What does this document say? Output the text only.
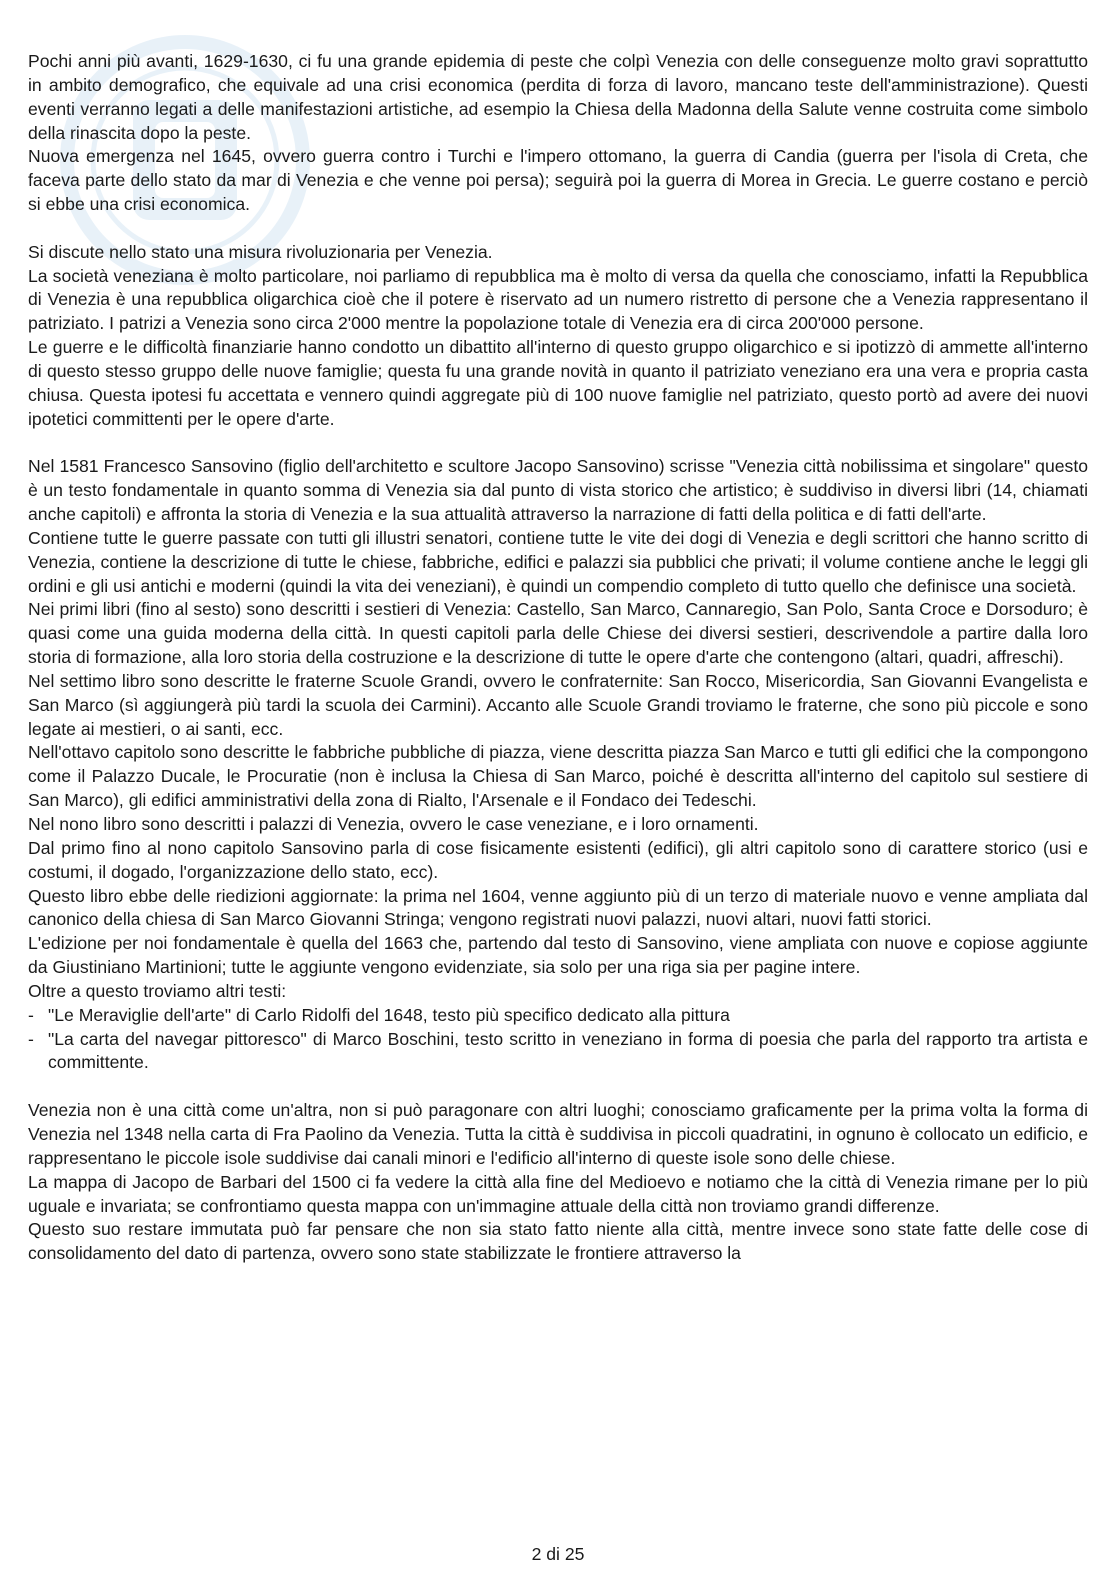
Pochi anni più avanti, 1629-1630, ci fu una grande epidemia di peste che colpì Venezia con delle conseguenze molto gravi soprattutto in ambito demografico, che equivale ad una crisi economica (perdita di forza di lavoro, mancano teste dell'amministrazione). Questi eventi verranno legati a delle manifestazioni artistiche, ad esempio la Chiesa della Madonna della Salute venne costruita come simbolo della rinascita dopo la peste.

Nuova emergenza nel 1645, ovvero guerra contro i Turchi e l'impero ottomano, la guerra di Candia (guerra per l'isola di Creta, che faceva parte dello stato da mar di Venezia e che venne poi persa); seguirà poi la guerra di Morea in Grecia. Le guerre costano e perciò si ebbe una crisi economica.

Si discute nello stato una misura rivoluzionaria per Venezia.

La società veneziana è molto particolare, noi parliamo di repubblica ma è molto di versa da quella che conosciamo, infatti la Repubblica di Venezia è una repubblica oligarchica cioè che il potere è riservato ad un numero ristretto di persone che a Venezia rappresentano il patriziato. I patrizi a Venezia sono circa 2'000 mentre la popolazione totale di Venezia era di circa 200'000 persone.

Le guerre e le difficoltà finanziarie hanno condotto un dibattito all'interno di questo gruppo oligarchico e si ipotizzò di ammette all'interno di questo stesso gruppo delle nuove famiglie; questa fu una grande novità in quanto il patriziato veneziano era una vera e propria casta chiusa. Questa ipotesi fu accettata e vennero quindi aggregate più di 100 nuove famiglie nel patriziato, questo portò ad avere dei nuovi ipotetici committenti per le opere d'arte.

Nel 1581 Francesco Sansovino (figlio dell'architetto e scultore Jacopo Sansovino) scrisse "Venezia città nobilissima et singolare" questo è un testo fondamentale in quanto somma di Venezia sia dal punto di vista storico che artistico; è suddiviso in diversi libri (14, chiamati anche capitoli) e affronta la storia di Venezia e la sua attualità attraverso la narrazione di fatti della politica e di fatti dell'arte.

Contiene tutte le guerre passate con tutti gli illustri senatori, contiene tutte le vite dei dogi di Venezia e degli scrittori che hanno scritto di Venezia, contiene la descrizione di tutte le chiese, fabbriche, edifici e palazzi sia pubblici che privati; il volume contiene anche le leggi gli ordini e gli usi antichi e moderni (quindi la vita dei veneziani), è quindi un compendio completo di tutto quello che definisce una società.

Nei primi libri (fino al sesto) sono descritti i sestieri di Venezia: Castello, San Marco, Cannaregio, San Polo, Santa Croce e Dorsoduro; è quasi come una guida moderna della città. In questi capitoli parla delle Chiese dei diversi sestieri, descrivendole a partire dalla loro storia di formazione, alla loro storia della costruzione e la descrizione di tutte le opere d'arte che contengono (altari, quadri, affreschi).

Nel settimo libro sono descritte le fraterne Scuole Grandi, ovvero le confraternite: San Rocco, Misericordia, San Giovanni Evangelista e San Marco (sì aggiungerà più tardi la scuola dei Carmini). Accanto alle Scuole Grandi troviamo le fraterne, che sono più piccole e sono legate ai mestieri, o ai santi, ecc.

Nell'ottavo capitolo sono descritte le fabbriche pubbliche di piazza, viene descritta piazza San Marco e tutti gli edifici che la compongono come il Palazzo Ducale, le Procuratie (non è inclusa la Chiesa di San Marco, poiché è descritta all'interno del capitolo sul sestiere di San Marco), gli edifici amministrativi della zona di Rialto, l'Arsenale e il Fondaco dei Tedeschi.

Nel nono libro sono descritti i palazzi di Venezia, ovvero le case veneziane, e i loro ornamenti.

Dal primo fino al nono capitolo Sansovino parla di cose fisicamente esistenti (edifici), gli altri capitolo sono di carattere storico (usi e costumi, il dogado, l'organizzazione dello stato, ecc).

Questo libro ebbe delle riedizioni aggiornate: la prima nel 1604, venne aggiunto più di un terzo di materiale nuovo e venne ampliata dal canonico della chiesa di San Marco Giovanni Stringa; vengono registrati nuovi palazzi, nuovi altari, nuovi fatti storici.

L'edizione per noi fondamentale è quella del 1663 che, partendo dal testo di Sansovino, viene ampliata con nuove e copiose aggiunte da Giustiniano Martinioni; tutte le aggiunte vengono evidenziate, sia solo per una riga sia per pagine intere.

Oltre a questo troviamo altri testi:

- "Le Meraviglie dell'arte" di Carlo Ridolfi del 1648, testo più specifico dedicato alla pittura
- "La carta del navegar pittoresco" di Marco Boschini, testo scritto in veneziano in forma di poesia che parla del rapporto tra artista e committente.

Venezia non è una città come un'altra, non si può paragonare con altri luoghi; conosciamo graficamente per la prima volta la forma di Venezia nel 1348 nella carta di Fra Paolino da Venezia. Tutta la città è suddivisa in piccoli quadratini, in ognuno è collocato un edificio, e rappresentano le piccole isole suddivise dai canali minori e l'edificio all'interno di queste isole sono delle chiese.

La mappa di Jacopo de Barbari del 1500 ci fa vedere la città alla fine del Medioevo e notiamo che la città di Venezia rimane per lo più uguale e invariata; se confrontiamo questa mappa con un'immagine attuale della città non troviamo grandi differenze.

Questo suo restare immutata può far pensare che non sia stato fatto niente alla città, mentre invece sono state fatte delle cose di consolidamento del dato di partenza, ovvero sono state stabilizzate le frontiere attraverso la

2 di 25
